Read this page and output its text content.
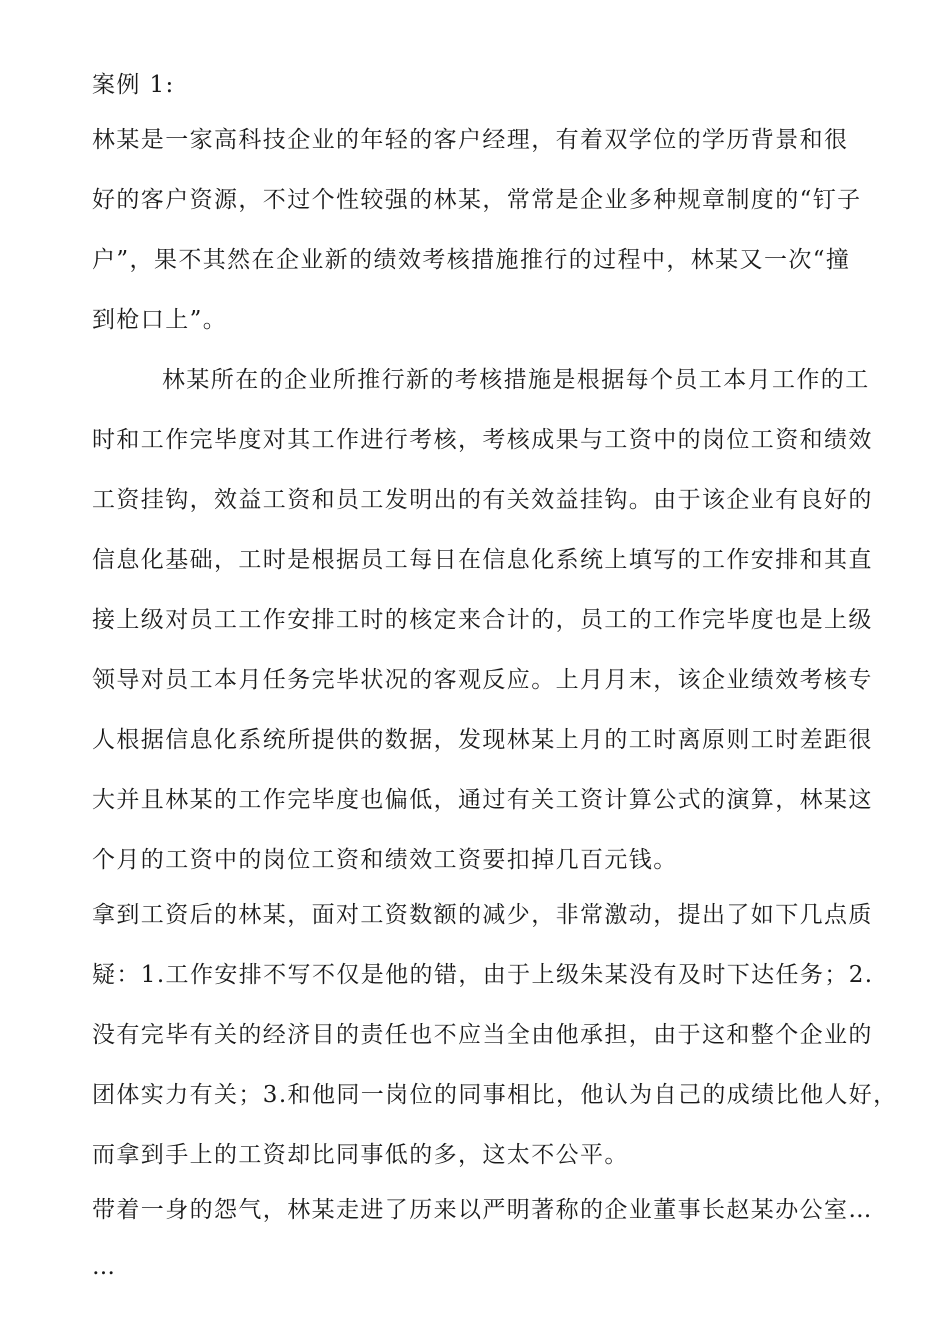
案例 1:
林某是一家高科技企业的年轻的客户经理，有着双学位的学历背景和很
好的客户资源，不过个性较强的林某，常常是企业多种规章制度的“钉子
户”，果不其然在企业新的绩效考核措施推行的过程中，林某又一次“撞
到枪口上”。
林某所在的企业所推行新的考核措施是根据每个员工本月工作的工
时和工作完毕度对其工作进行考核，考核成果与工资中的岗位工资和绩效
工资挂钩，效益工资和员工发明出的有关效益挂钩。由于该企业有良好的
信息化基础，工时是根据员工每日在信息化系统上填写的工作安排和其直
接上级对员工工作安排工时的核定来合计的，员工的工作完毕度也是上级
领导对员工本月任务完毕状况的客观反应。上月月末，该企业绩效考核专
人根据信息化系统所提供的数据，发现林某上月的工时离原则工时差距很
大并且林某的工作完毕度也偏低，通过有关工资计算公式的演算，林某这
个月的工资中的岗位工资和绩效工资要扣掉几百元钱。
拿到工资后的林某，面对工资数额的减少，非常激动，提出了如下几点质
疑：1.工作安排不写不仅是他的错，由于上级朱某没有及时下达任务；2.
没有完毕有关的经济目的责任也不应当全由他承担，由于这和整个企业的
团体实力有关；3.和他同一岗位的同事相比，他认为自己的成绩比他人好，
而拿到手上的工资却比同事低的多，这太不公平。
带着一身的怨气，林某走进了历来以严明著称的企业董事长赵某办公室…
…
